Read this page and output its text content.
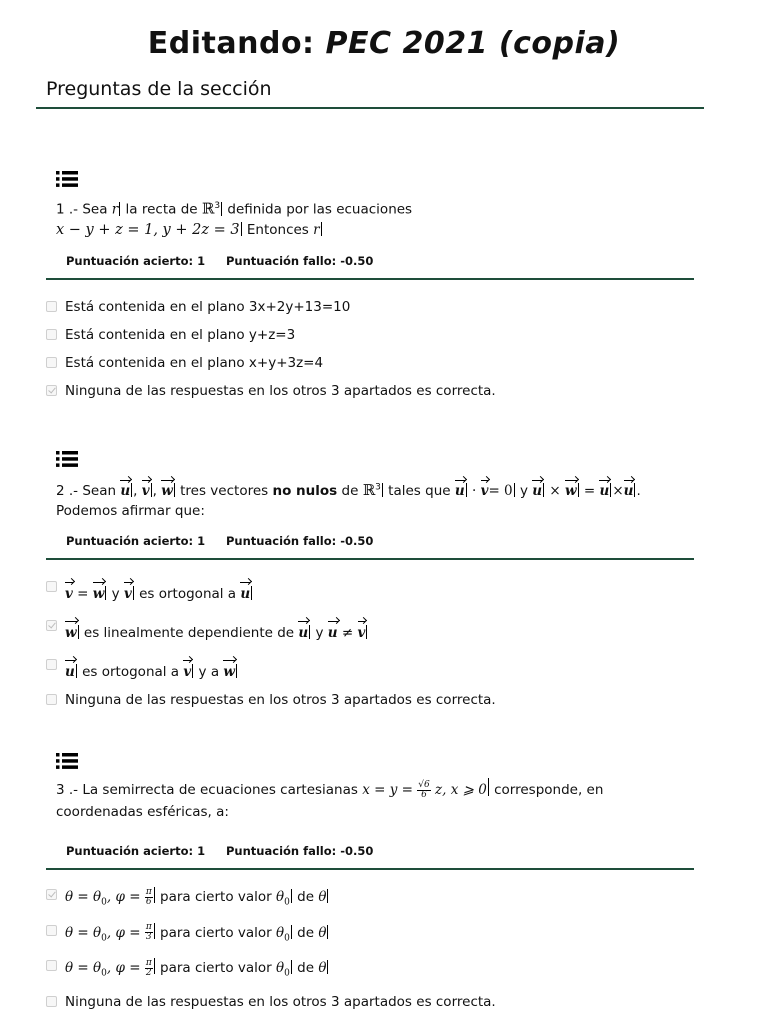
Editando: PEC 2021 (copia)
Preguntas de la sección
1 .- Sea r la recta de ℝ$^3$ definida por las ecuaciones
x − y + z = 1, y + 2z = 3 Entonces r
Puntuación acierto: 1 Puntuación fallo: -0.50
Está contenida en el plano 3x+2y+13=10
Está contenida en el plano y+z=3
Está contenida en el plano x+y+3z=4
Ninguna de las respuestas en los otros 3 apartados es correcta.
2 .- Sean u , v , w tres vectores no nulos de ℝ$^3$ tales que u · v= 0 y u × w = u ×u .
Podemos afirmar que:
Puntuación acierto: 1 Puntuación fallo: -0.50
v = w y v es ortogonal a u
w es linealmente dependiente de u y u ≠ v
u es ortogonal a v y a w
Ninguna de las respuestas en los otros 3 apartados es correcta.
3 .- La semirrecta de ecuaciones cartesianas $x = y = \frac{√6}{6} z$, x ⩾ 0 corresponde, en
coordenadas esféricas, a:
Puntuación acierto: 1 Puntuación fallo: -0.50
$\theta = \theta_0$, $\varphi = \frac{\pi}{6}$ para cierto valor $\theta_0$ de θ
$\theta = \theta_0$, $\varphi = \frac{\pi}{3}$ para cierto valor $\theta_0$ de θ
$\theta = \theta_0$, $\varphi = \frac{\pi}{2}$ para cierto valor $\theta_0$ de θ
Ninguna de las respuestas en los otros 3 apartados es correcta.
